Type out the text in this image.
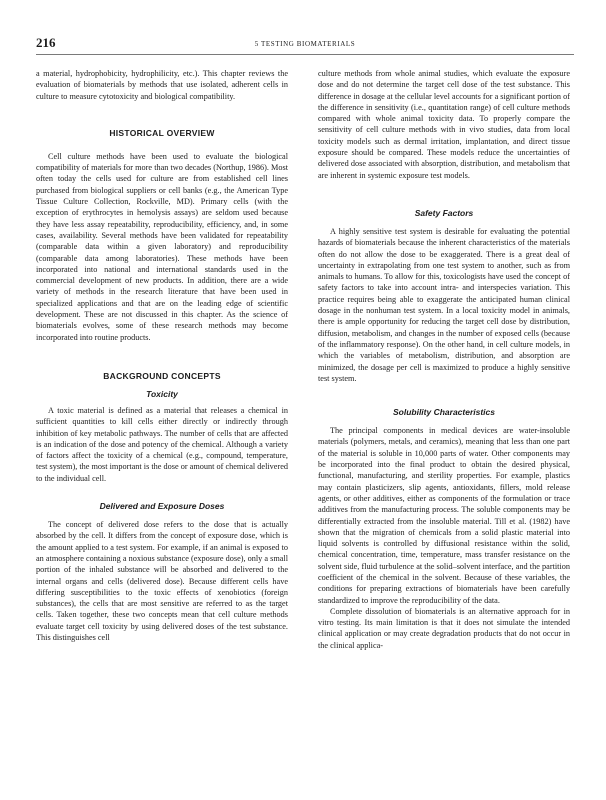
216	5 TESTING BIOMATERIALS

a material, hydrophobicity, hydrophilicity, etc.). This chapter reviews the evaluation of biomaterials by methods that use isolated, adherent cells in culture to measure cytotoxicity and biological compatibility.

HISTORICAL OVERVIEW

Cell culture methods have been used to evaluate the biological compatibility of materials for more than two decades (Northup, 1986). Most often today the cells used for culture are from established cell lines purchased from biological suppliers or cell banks (e.g., the American Type Tissue Culture Collection, Rockville, MD). Primary cells (with the exception of erythrocytes in hemolysis assays) are seldom used because they have less assay repeatability, reproducibility, efficiency, and, in some cases, availability. Several methods have been validated for repeatability (comparable data within a given laboratory) and reproducibility (comparable data among laboratories). These methods have been incorporated into national and international standards used in the commercial development of new products. In addition, there are a wide variety of methods in the research literature that have been used in specialized applications and that are on the leading edge of scientific development. These are not discussed in this chapter. As the science of biomaterials evolves, some of these research methods may become incorporated into routine products.

BACKGROUND CONCEPTS
Toxicity

A toxic material is defined as a material that releases a chemical in sufficient quantities to kill cells either directly or indirectly through inhibition of key metabolic pathways. The number of cells that are affected is an indication of the dose and potency of the chemical. Although a variety of factors affect the toxicity of a chemical (e.g., compound, temperature, test system), the most important is the dose or amount of chemical delivered to the individual cell.

Delivered and Exposure Doses

The concept of delivered dose refers to the dose that is actually absorbed by the cell. It differs from the concept of exposure dose, which is the amount applied to a test system. For example, if an animal is exposed to an atmosphere containing a noxious substance (exposure dose), only a small portion of the inhaled substance will be absorbed and delivered to the internal organs and cells (delivered dose). Because different cells have differing susceptibilities to the toxic effects of xenobiotics (foreign substances), the cells that are most sensitive are referred to as the target cells. Taken together, these two concepts mean that cell culture methods evaluate target cell toxicity by using delivered doses of the test substance. This distinguishes cell

culture methods from whole animal studies, which evaluate the exposure dose and do not determine the target cell dose of the test substance. This difference in dosage at the cellular level accounts for a significant portion of the difference in sensitivity (i.e., quantitation range) of cell culture methods compared with whole animal toxicity data. To properly compare the sensitivity of cell culture methods with in vivo studies, data from local toxicity models such as dermal irritation, implantation, and direct tissue exposure should be compared. These models reduce the uncertainties of delivered dose associated with absorption, distribution, and metabolism that are inherent in systemic exposure test models.

Safety Factors

A highly sensitive test system is desirable for evaluating the potential hazards of biomaterials because the inherent characteristics of the materials often do not allow the dose to be exaggerated. There is a great deal of uncertainty in extrapolating from one test system to another, such as from animals to humans. To allow for this, toxicologists have used the concept of safety factors to take into account intra- and interspecies variation. This practice requires being able to exaggerate the anticipated human clinical dosage in the nonhuman test system. In a local toxicity model in animals, there is ample opportunity for reducing the target cell dose by distribution, diffusion, metabolism, and changes in the number of exposed cells (because of the inflammatory response). On the other hand, in cell culture models, in which the variables of metabolism, distribution, and absorption are minimized, the dosage per cell is maximized to produce a highly sensitive test system.

Solubility Characteristics

The principal components in medical devices are water-insoluble materials (polymers, metals, and ceramics), meaning that less than one part of the material is soluble in 10,000 parts of water. Other components may be incorporated into the final product to obtain the desired physical, functional, manufacturing, and sterility properties. For example, plastics may contain plasticizers, slip agents, antioxidants, fillers, mold release agents, or other additives, either as components of the formulation or trace additives from the manufacturing process. The soluble components may be differentially extracted from the insoluble material. Till et al. (1982) have shown that the migration of chemicals from a solid plastic material into liquid solvents is controlled by diffusional resistance within the solid, chemical concentration, time, temperature, mass transfer resistance on the solvent side, fluid turbulence at the solid–solvent interface, and the partition coefficient of the chemical in the solvent. Because of these variables, the conditions for preparing extractions of biomaterials have been carefully standardized to improve the reproducibility of the data.

Complete dissolution of biomaterials is an alternative approach for in vitro testing. Its main limitation is that it does not simulate the intended clinical application or may create degradation products that do not occur in the clinical applica-
